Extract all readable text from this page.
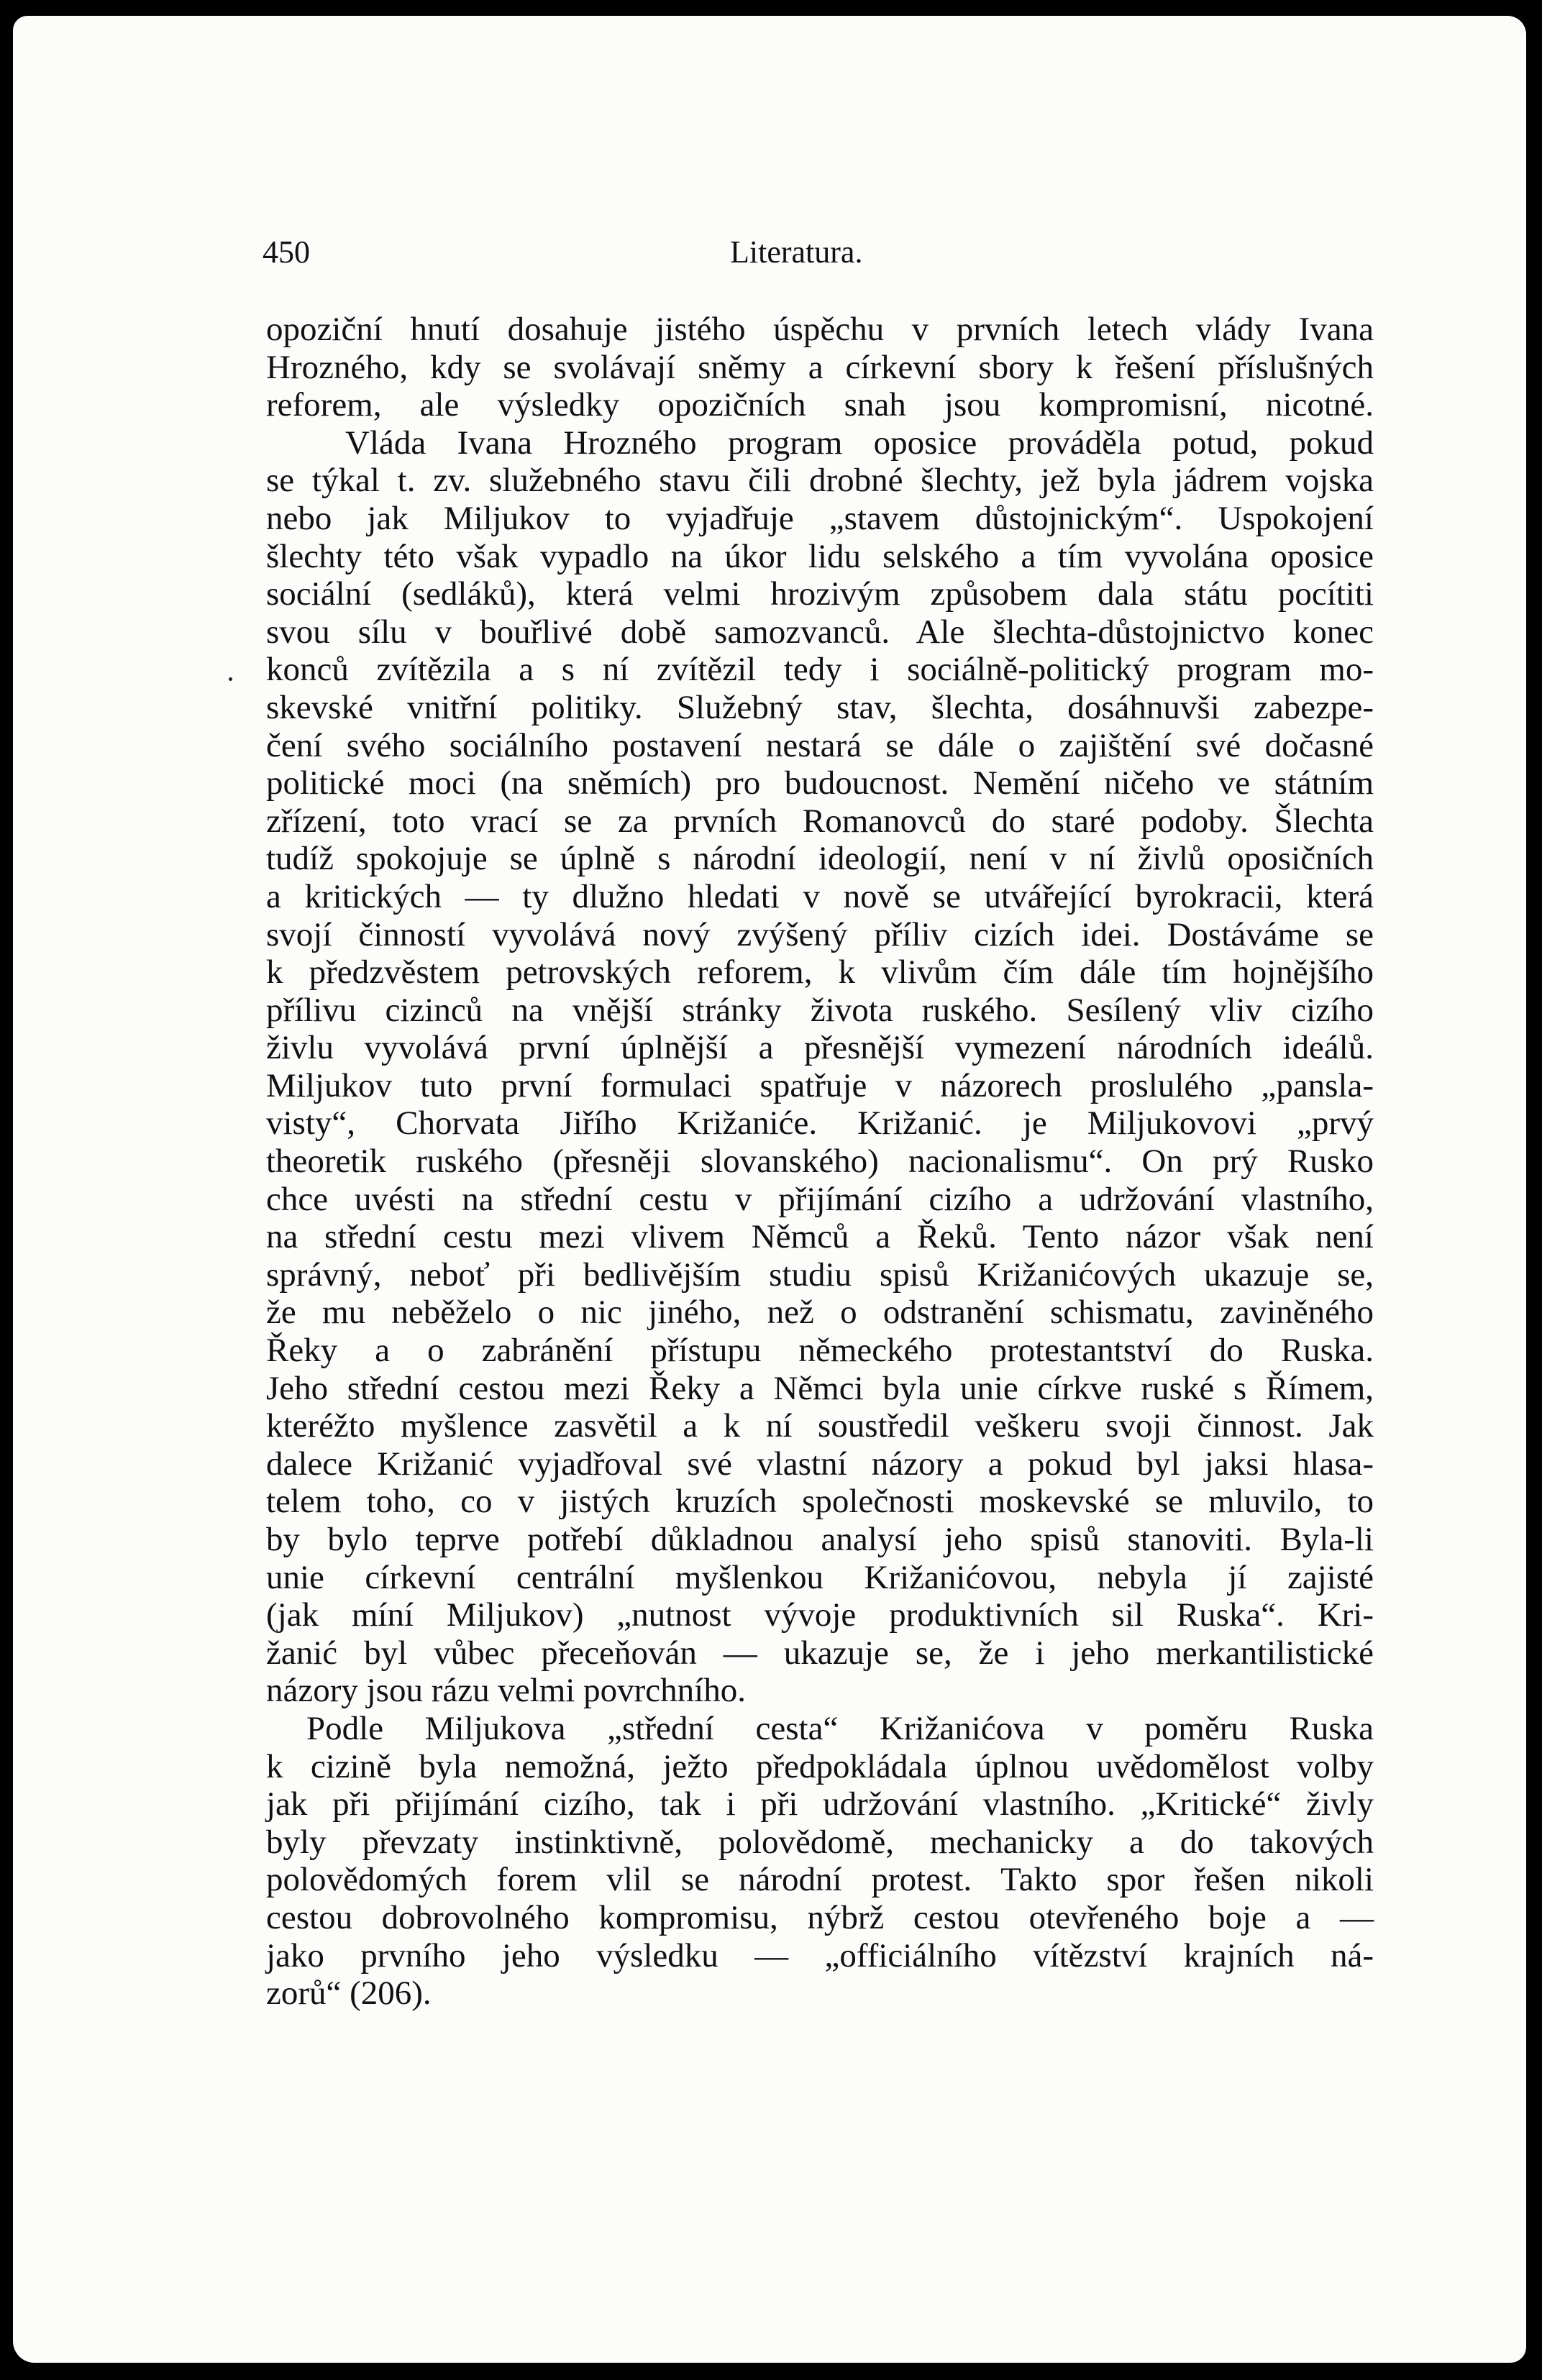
450	Literatura.
opoziční hnutí dosahuje jistého úspěchu v prvních letech vlády Ivana
Hrozného, kdy se svolávají sněmy a církevní sbory k řešení příslušných
reforem, ale výsledky opozičních snah jsou kompromisní, nicotné.
Vláda Ivana Hrozného program oposice prováděla potud, pokud
se týkal t. zv. služebného stavu čili drobné šlechty, jež byla jádrem vojska
nebo jak Miljukov to vyjadřuje „stavem důstojnickým“. Uspokojení
šlechty této však vypadlo na úkor lidu selského a tím vyvolána oposice
sociální (sedláků), která velmi hrozivým způsobem dala státu pocítiti
svou sílu v bouřlivé době samozvanců. Ale šlechta-důstojnictvo konec
konců zvítězila a s ní zvítězil tedy i sociálně-politický program mo-
skevské vnitřní politiky. Služebný stav, šlechta, dosáhnuvši zabezpe-
čení svého sociálního postavení nestará se dále o zajištění své dočasné
politické moci (na sněmích) pro budoucnost. Nemění ničeho ve státním
zřízení, toto vrací se za prvních Romanovců do staré podoby. Šlechta
tudíž spokojuje se úplně s národní ideologií, není v ní živlů oposičních
a kritických — ty dlužno hledati v nově se utvářející byrokracii, která
svojí činností vyvolává nový zvýšený příliv cizích idei. Dostáváme se
k předzvěstem petrovských reforem, k vlivům čím dále tím hojnějšího
přílivu cizinců na vnější stránky života ruského. Sesílený vliv cizího
živlu vyvolává první úplnější a přesnější vymezení národních ideálů.
Miljukov tuto první formulaci spatřuje v názorech proslulého „pansla-
visty“, Chorvata Jiřího Križaniće. Križanić. je Miljukovovi „prvý
theoretik ruského (přesněji slovanského) nacionalismu“. On prý Rusko
chce uvésti na střední cestu v přijímání cizího a udržování vlastního,
na střední cestu mezi vlivem Němců a Řeků. Tento názor však není
správný, neboť při bedlivějším studiu spisů Križanićových ukazuje se,
že mu neběželo o nic jiného, než o odstranění schismatu, zaviněného
Řeky a o zabránění přístupu německého protestantství do Ruska.
Jeho střední cestou mezi Řeky a Němci byla unie církve ruské s Římem,
kteréžto myšlence zasvětil a k ní soustředil veškeru svoji činnost. Jak
dalece Križanić vyjadřoval své vlastní názory a pokud byl jaksi hlasa-
telem toho, co v jistých kruzích společnosti moskevské se mluvilo, to
by bylo teprve potřebí důkladnou analysí jeho spisů stanoviti. Byla-li
unie církevní centrální myšlenkou Križanićovou, nebyla jí zajisté
(jak míní Miljukov) „nutnost vývoje produktivních sil Ruska“. Kri-
žanić byl vůbec přeceňován — ukazuje se, že i jeho merkantilistické
názory jsou rázu velmi povrchního.
Podle Miljukova „střední cesta“ Križanićova v poměru Ruska
k cizině byla nemožná, ježto předpokládala úplnou uvědomělost volby
jak při přijímání cizího, tak i při udržování vlastního. „Kritické“ živly
byly převzaty instinktivně, polovědomě, mechanicky a do takových
polovědomých forem vlil se národní protest. Takto spor řešen nikoli
cestou dobrovolného kompromisu, nýbrž cestou otevřeného boje a —
jako prvního jeho výsledku — „officiálního vítězství krajních ná-
zorů“ (206).
